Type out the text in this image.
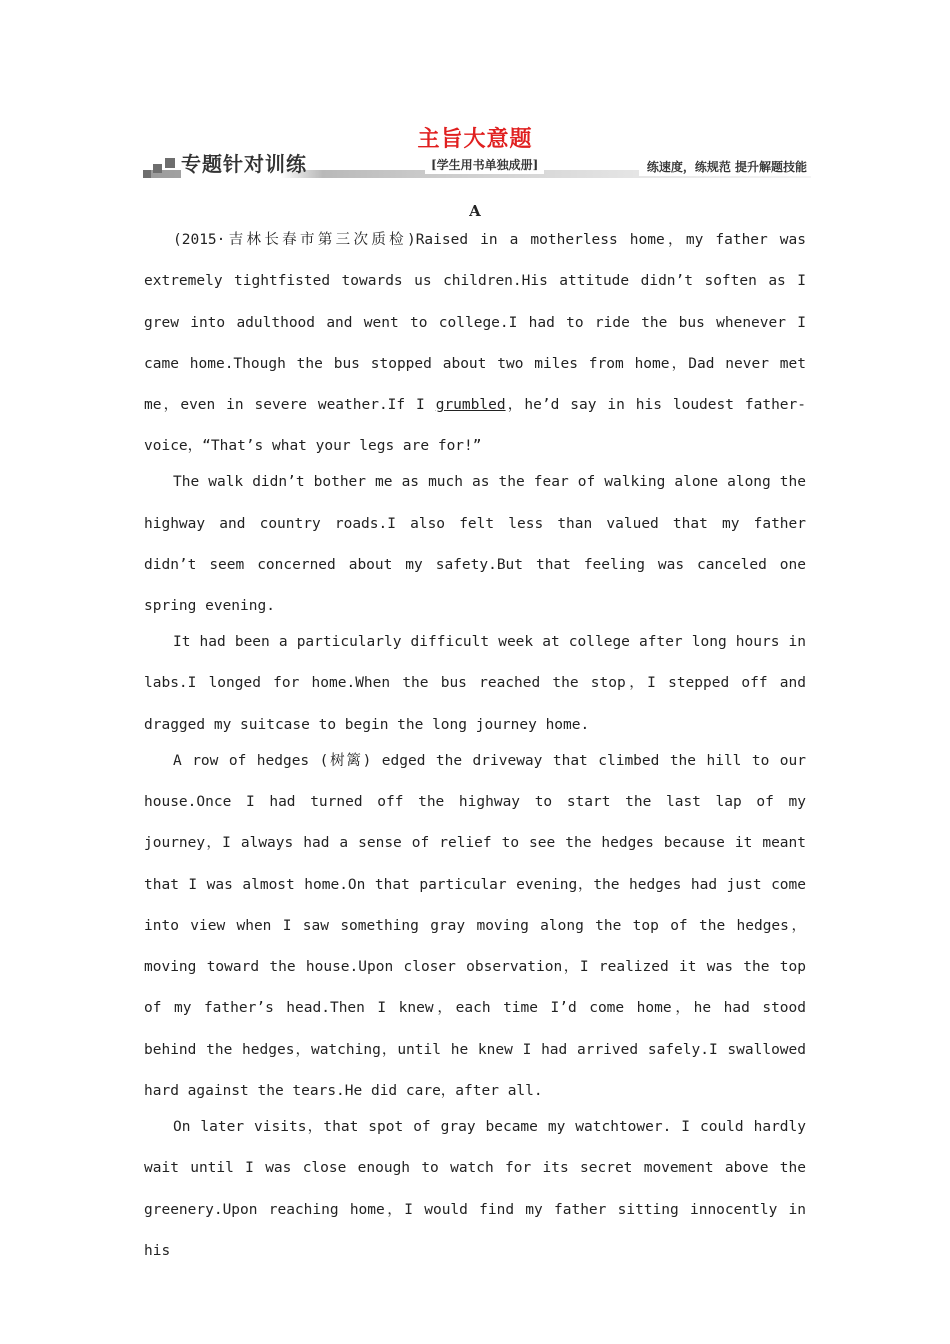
主旨大意题
专题针对训练	[学生用书单独成册]	练速度，练规范 提升解题技能
A

(2015·吉林长春市第三次质检)Raised in a motherless home，my father was extremely tightfisted towards us children.His attitude didn’t soften as I grew into adulthood and went to college.I had to ride the bus whenever I came home.Though the bus stopped about two miles from home，Dad never met me，even in severe weather.If I grumbled，he’d say in his loudest father-voice，“That’s what your legs are for!”

The walk didn’t bother me as much as the fear of walking alone along the highway and country roads.I also felt less than valued that my father didn’t seem concerned about my safety.But that feeling was canceled one spring evening.

It had been a particularly difficult week at college after long hours in labs.I longed for home.When the bus reached the stop，I stepped off and dragged my suitcase to begin the long journey home.

A row of hedges (树篱) edged the driveway that climbed the hill to our house.Once I had turned off the highway to start the last lap of my journey，I always had a sense of relief to see the hedges because it meant that I was almost home.On that particular evening，the hedges had just come into view when I saw something gray moving along the top of the hedges，moving toward the house.Upon closer observation，I realized it was the top of my father’s head.Then I knew，each time I’d come home，he had stood behind the hedges，watching，until he knew I had arrived safely.I swallowed hard against the tears.He did care，after all.

On later visits，that spot of gray became my watchtower. I could hardly wait until I was close enough to watch for its secret movement above the greenery.Upon reaching home，I would find my father sitting innocently in his
